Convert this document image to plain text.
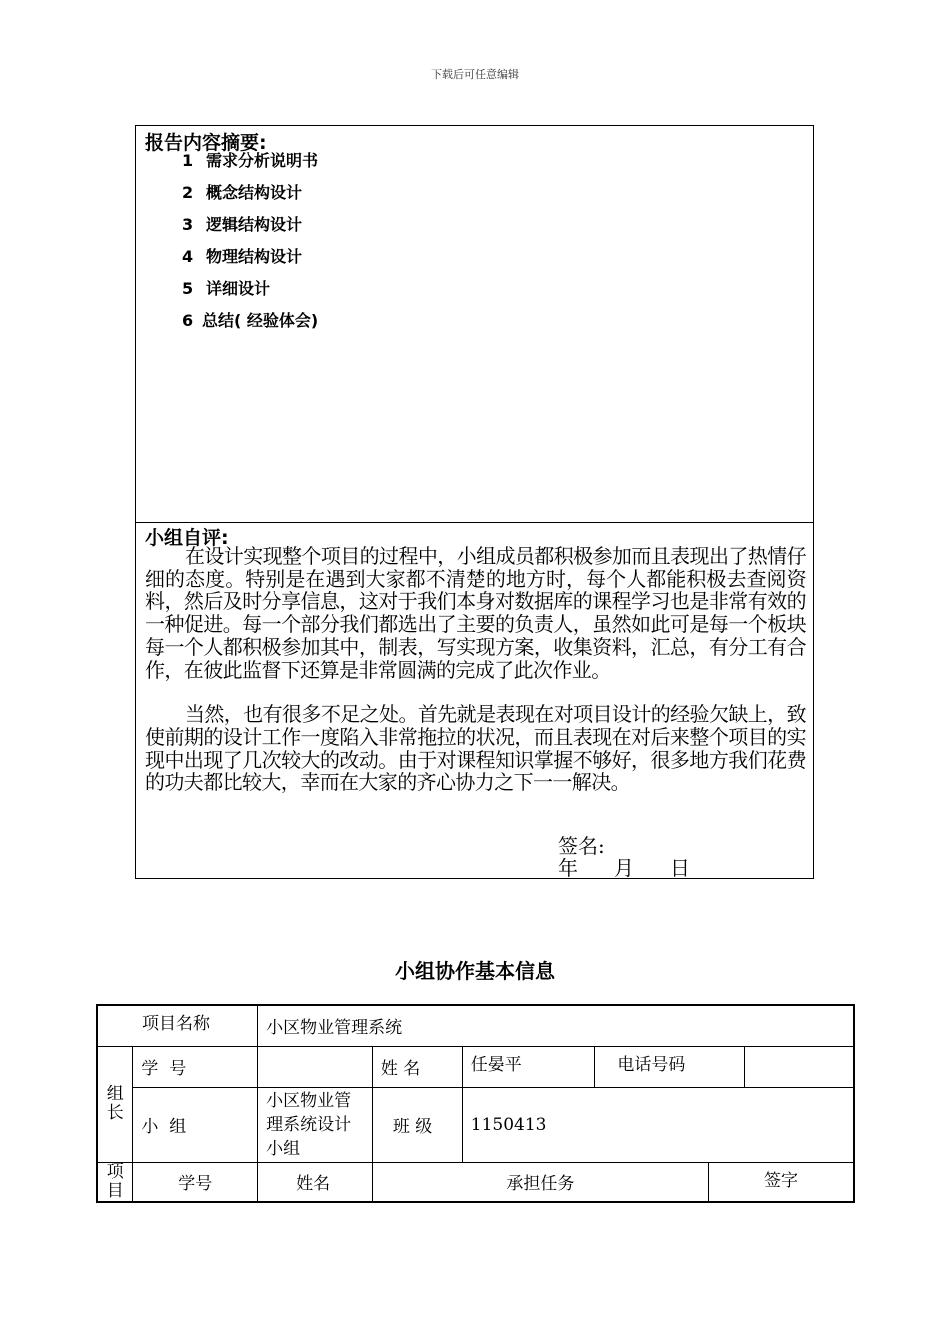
下载后可任意编辑
报告内容摘要:
1 需求分析说明书
2 概念结构设计
3 逻辑结构设计
4 物理结构设计
5 详细设计
6 总结( 经验体会)
小组自评:

在设计实现整个项目的过程中，小组成员都积极参加而且表现出了热情仔细的态度。特别是在遇到大家都不清楚的地方时，每个人都能积极去查阅资料，然后及时分享信息，这对于我们本身对数据库的课程学习也是非常有效的一种促进。每一个部分我们都选出了主要的负责人，虽然如此可是每一个板块每一个人都积极参加其中，制表，写实现方案，收集资料，汇总，有分工有合作，在彼此监督下还算是非常圆满的完成了此次作业。

当然，也有很多不足之处。首先就是表现在对项目设计的经验欠缺上，致使前期的设计工作一度陷入非常拖拉的状况，而且表现在对后来整个项目的实现中出现了几次较大的改动。由于对课程知识掌握不够好，很多地方我们花费的功夫都比较大，幸而在大家的齐心协力之下一一解决。

签名:
年 月 日
小组协作基本信息
项目名称		小区物业管理系统					
组长	学  号		姓 名	任晏平	电话号码		
	小  组	小区物业管理系统设计小组	班 级	1150413			
项目	学号	姓名	承担任务			签字	
